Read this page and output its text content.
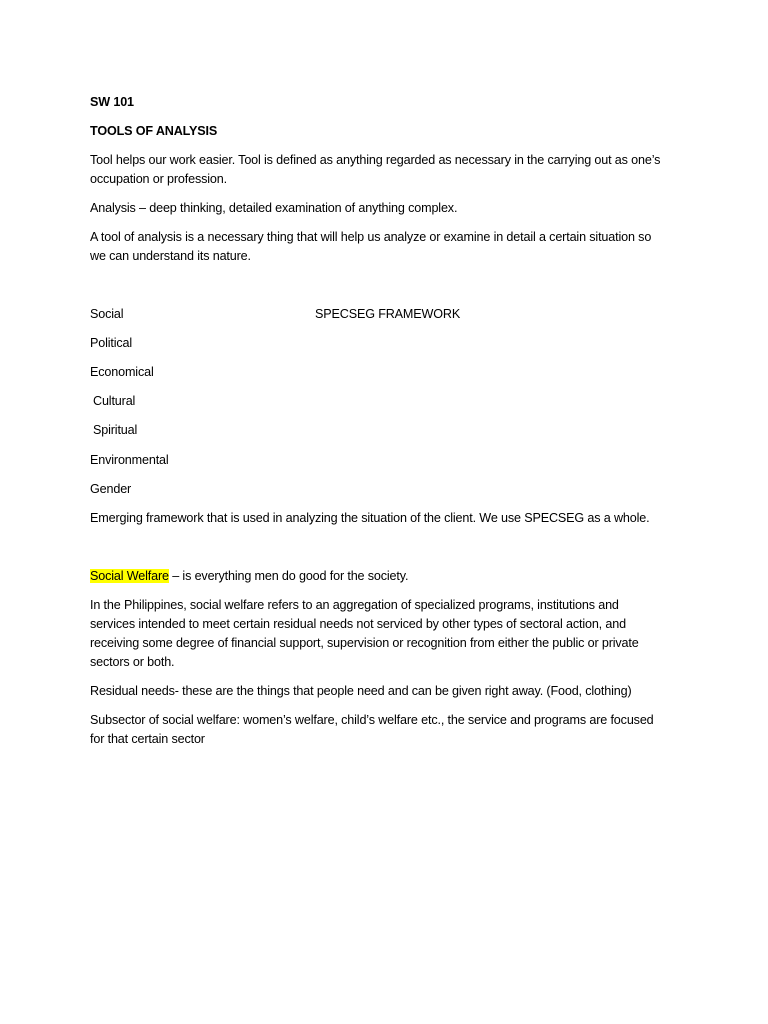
SW 101
TOOLS OF ANALYSIS
Tool helps our work easier. Tool is defined as anything regarded as necessary in the carrying out as one’s
occupation or profession.
Analysis – deep thinking, detailed examination of anything complex.
A tool of analysis is a necessary thing that will help us analyze or examine in detail a certain situation so
we can understand its nature.
Social	SPECSEG FRAMEWORK
Political
Economical
Cultural
Spiritual
Environmental
Gender
Emerging framework that is used in analyzing the situation of the client. We use SPECSEG as a whole.
Social Welfare – is everything men do good for the society.
In the Philippines, social welfare refers to an aggregation of specialized programs, institutions and
services intended to meet certain residual needs not serviced by other types of sectoral action, and
receiving some degree of financial support, supervision or recognition from either the public or private
sectors or both.
Residual needs- these are the things that people need and can be given right away. (Food, clothing)
Subsector of social welfare: women’s welfare, child’s welfare etc., the service and programs are focused
for that certain sector
